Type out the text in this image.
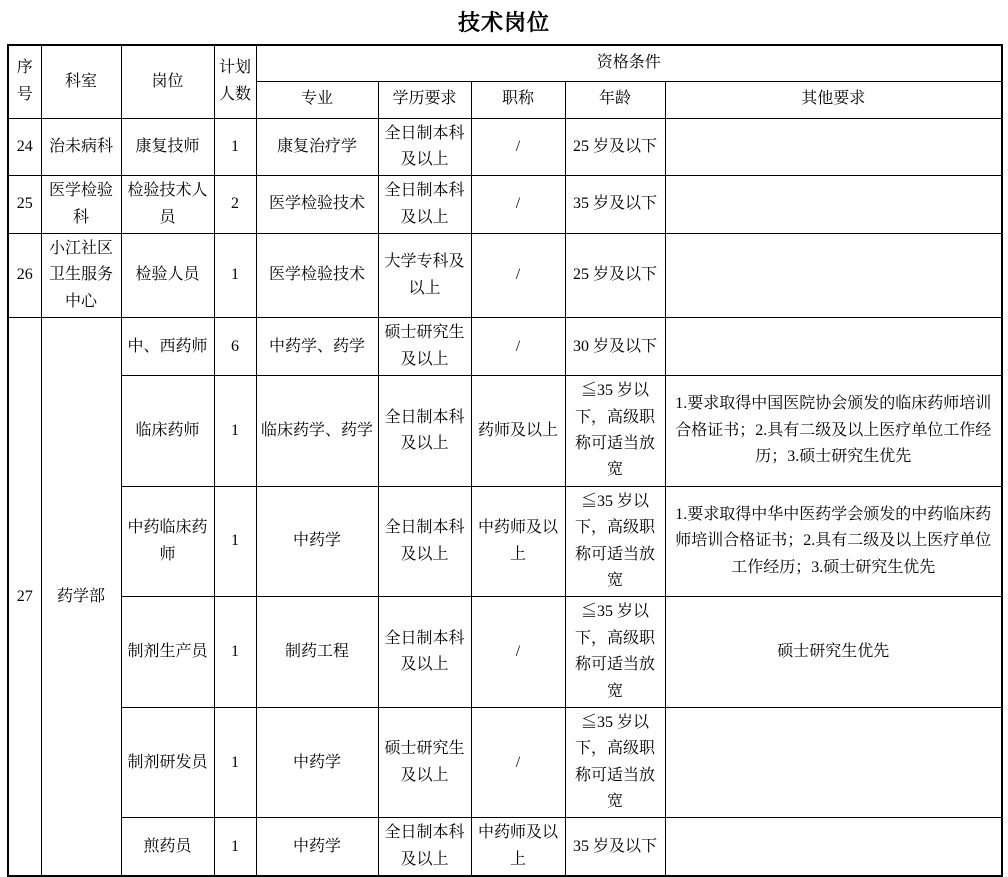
技术岗位
序号	科室	岗位	计划人数	资格条件				
				专业	学历要求	职称	年龄	其他要求
24	治未病科	康复技师	1	康复治疗学	全日制本科及以上	/	25 岁及以下	
25	医学检验科	检验技术人员	2	医学检验技术	全日制本科及以上	/	35 岁及以下	
26	小江社区卫生服务中心	检验人员	1	医学检验技术	大学专科及以上	/	25 岁及以下	
27	药学部	中、西药师	6	中药学、药学	硕士研究生及以上	/	30 岁及以下	
		临床药师	1	临床药学、药学	全日制本科及以上	药师及以上	≦35 岁以下，高级职称可适当放宽	1.要求取得中国医院协会颁发的临床药师培训合格证书；2.具有二级及以上医疗单位工作经历；3.硕士研究生优先
		中药临床药师	1	中药学	全日制本科及以上	中药师及以上	≦35 岁以下，高级职称可适当放宽	1.要求取得中华中医药学会颁发的中药临床药师培训合格证书；2.具有二级及以上医疗单位工作经历；3.硕士研究生优先
		制剂生产员	1	制药工程	全日制本科及以上	/	≦35 岁以下，高级职称可适当放宽	硕士研究生优先
		制剂研发员	1	中药学	硕士研究生及以上	/	≦35 岁以下，高级职称可适当放宽	
		煎药员	1	中药学	全日制本科及以上	中药师及以上	35 岁及以下	
